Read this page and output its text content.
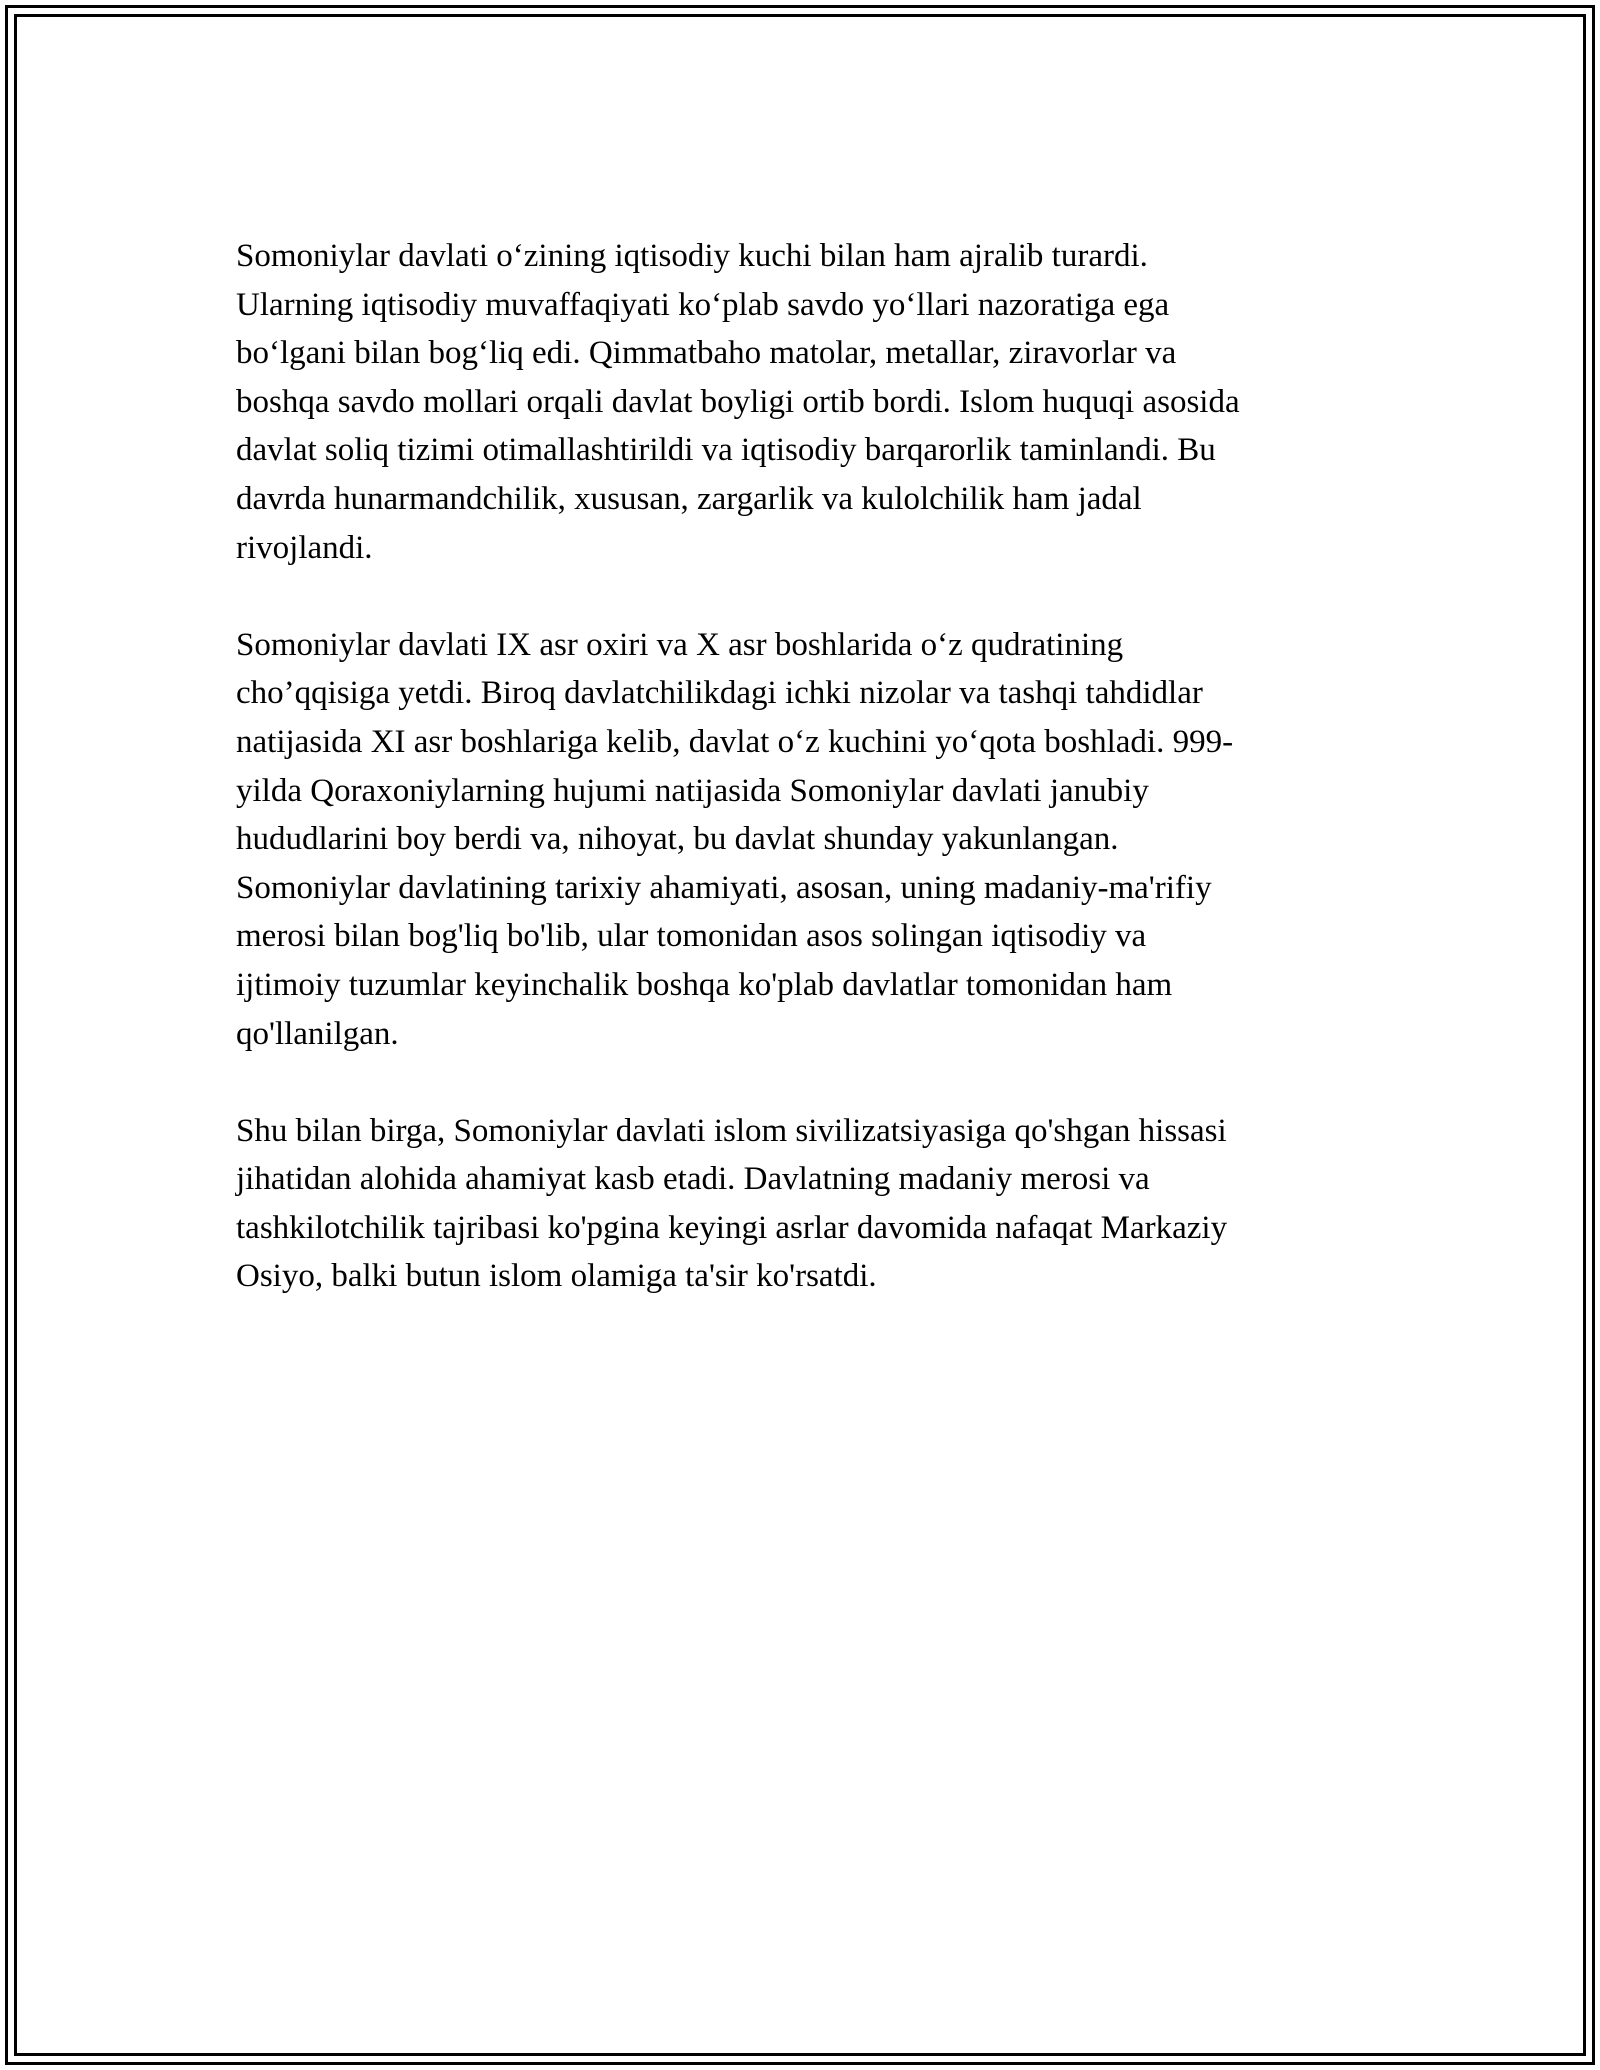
Somoniylar davlati oʻzining iqtisodiy kuchi bilan ham ajralib turardi.
Ularning iqtisodiy muvaffaqiyati koʻplab savdo yoʻllari nazoratiga ega
boʻlgani bilan bogʻliq edi. Qimmatbaho matolar, metallar, ziravorlar va
boshqa savdo mollari orqali davlat boyligi ortib bordi. Islom huquqi asosida
davlat soliq tizimi otimallashtirildi va iqtisodiy barqarorlik taminlandi. Bu
davrda hunarmandchilik, xususan, zargarlik va kulolchilik ham jadal
rivojlandi.

Somoniylar davlati IX asr oxiri va X asr boshlarida oʻz qudratining
cho’qqisiga yetdi. Biroq davlatchilikdagi ichki nizolar va tashqi tahdidlar
natijasida XI asr boshlariga kelib, davlat oʻz kuchini yoʻqota boshladi. 999-
yilda Qoraxoniylarning hujumi natijasida Somoniylar davlati janubiy
hududlarini boy berdi va, nihoyat, bu davlat shunday yakunlangan.
Somoniylar davlatining tarixiy ahamiyati, asosan, uning madaniy-ma'rifiy
merosi bilan bog'liq bo'lib, ular tomonidan asos solingan iqtisodiy va
ijtimoiy tuzumlar keyinchalik boshqa ko'plab davlatlar tomonidan ham
qo'llanilgan.

Shu bilan birga, Somoniylar davlati islom sivilizatsiyasiga qo'shgan hissasi
jihatidan alohida ahamiyat kasb etadi. Davlatning madaniy merosi va
tashkilotchilik tajribasi ko'pgina keyingi asrlar davomida nafaqat Markaziy
Osiyo, balki butun islom olamiga ta'sir ko'rsatdi.
